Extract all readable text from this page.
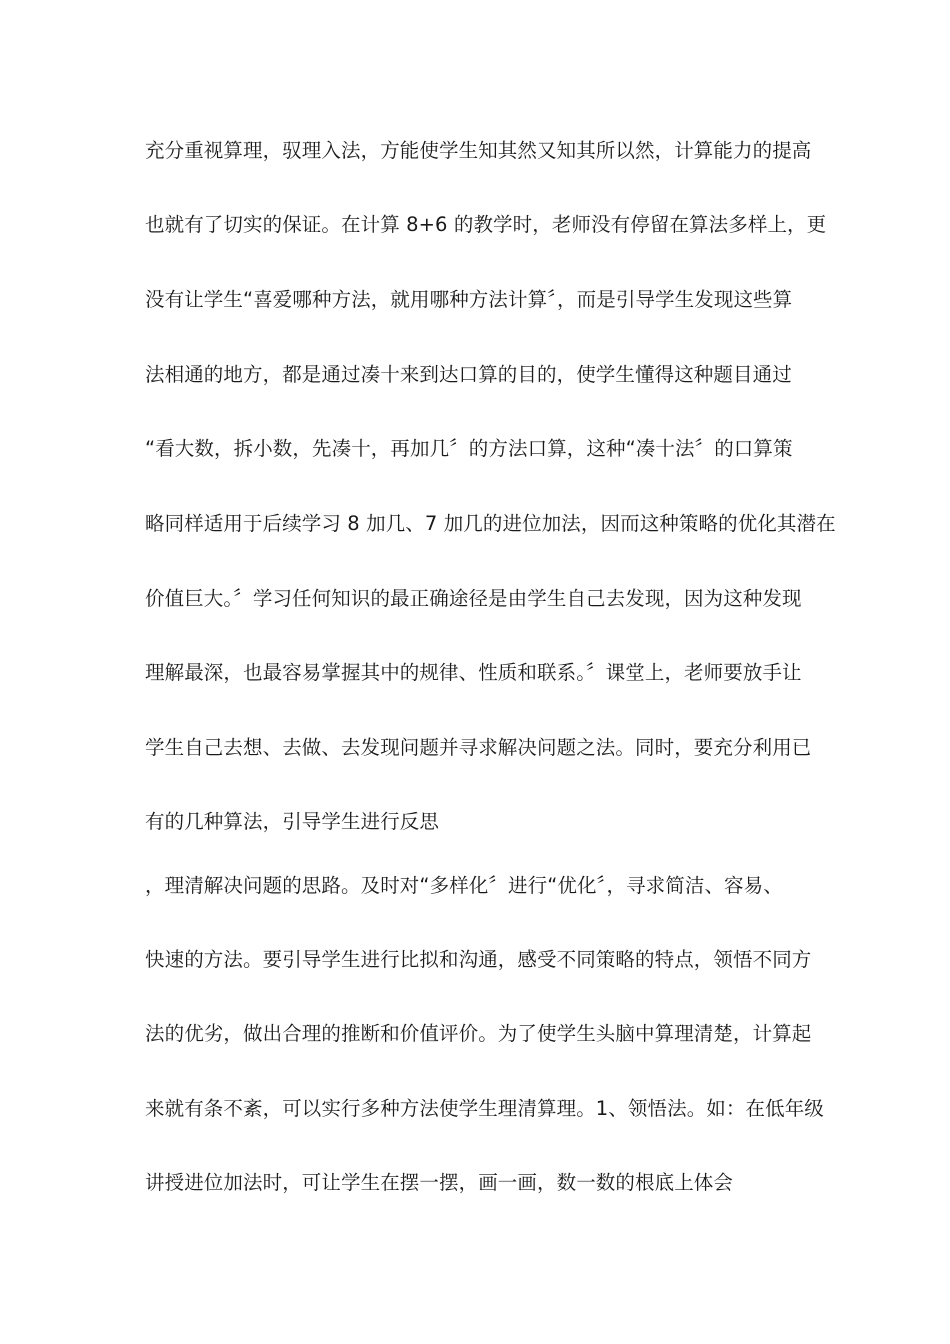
充分重视算理，驭理入法，方能使学生知其然又知其所以然，计算能力的提高
也就有了切实的保证。在计算 8+6 的教学时，老师没有停留在算法多样上，更
没有让学生“喜爱哪种方法，就用哪种方法计算〞，而是引导学生发现这些算
法相通的地方，都是通过凑十来到达口算的目的，使学生懂得这种题目通过
“看大数，拆小数，先凑十，再加几〞的方法口算，这种“凑十法〞的口算策
略同样适用于后续学习 8 加几、7 加几的进位加法，因而这种策略的优化其潜在
价值巨大。〞学习任何知识的最正确途径是由学生自己去发现，因为这种发现
理解最深，也最容易掌握其中的规律、性质和联系。〞课堂上，老师要放手让
学生自己去想、去做、去发现问题并寻求解决问题之法。同时，要充分利用已
有的几种算法，引导学生进行反思
，理清解决问题的思路。及时对“多样化〞进行“优化〞，寻求简洁、容易、
快速的方法。要引导学生进行比拟和沟通，感受不同策略的特点，领悟不同方
法的优劣，做出合理的推断和价值评价。为了使学生头脑中算理清楚，计算起
来就有条不紊，可以实行多种方法使学生理清算理。1、领悟法。如：在低年级
讲授进位加法时，可让学生在摆一摆，画一画，数一数的根底上体会
